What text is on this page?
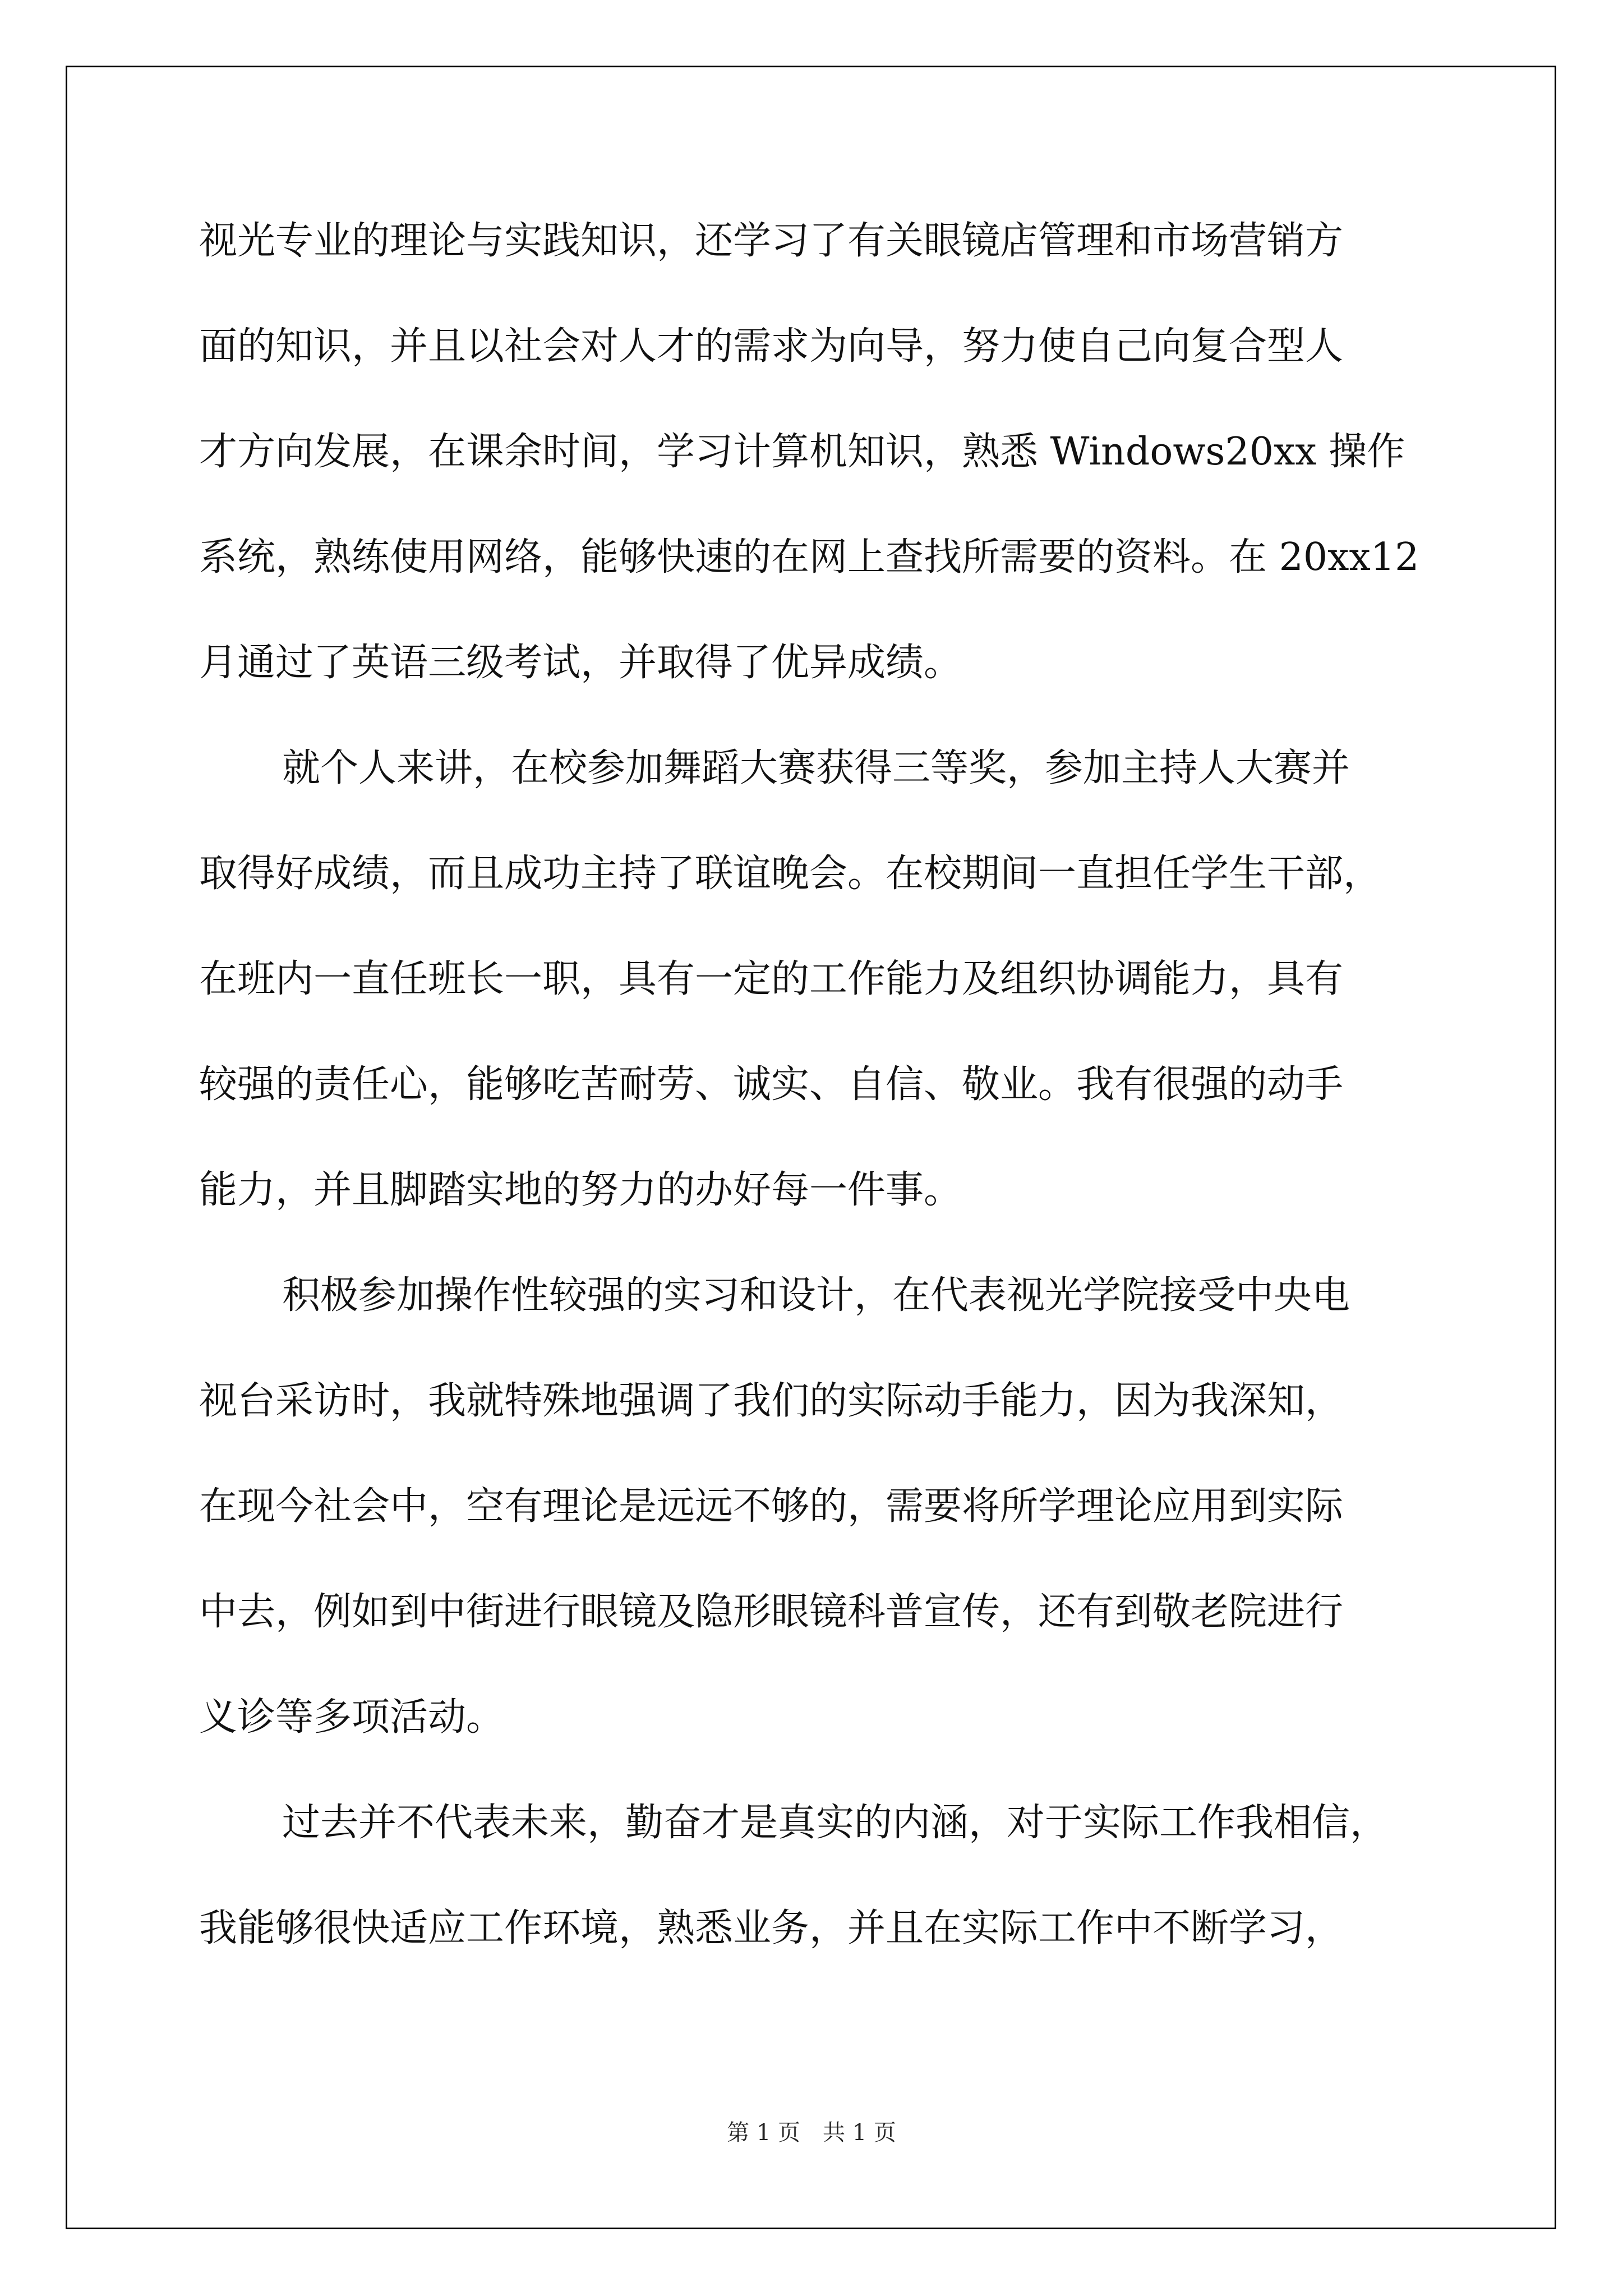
视光专业的理论与实践知识，还学习了有关眼镜店管理和市场营销方
面的知识，并且以社会对人才的需求为向导，努力使自己向复合型人
才方向发展，在课余时间，学习计算机知识，熟悉 Windows20xx 操作
系统，熟练使用网络，能够快速的在网上查找所需要的资料。在 20xx12
月通过了英语三级考试，并取得了优异成绩。
就个人来讲，在校参加舞蹈大赛获得三等奖，参加主持人大赛并
取得好成绩，而且成功主持了联谊晚会。在校期间一直担任学生干部，
在班内一直任班长一职，具有一定的工作能力及组织协调能力，具有
较强的责任心，能够吃苦耐劳、诚实、自信、敬业。我有很强的动手
能力，并且脚踏实地的努力的办好每一件事。
积极参加操作性较强的实习和设计，在代表视光学院接受中央电
视台采访时，我就特殊地强调了我们的实际动手能力，因为我深知，
在现今社会中，空有理论是远远不够的，需要将所学理论应用到实际
中去，例如到中街进行眼镜及隐形眼镜科普宣传，还有到敬老院进行
义诊等多项活动。
过去并不代表未来，勤奋才是真实的内涵，对于实际工作我相信，
我能够很快适应工作环境，熟悉业务，并且在实际工作中不断学习，
第 1 页　共 1 页
